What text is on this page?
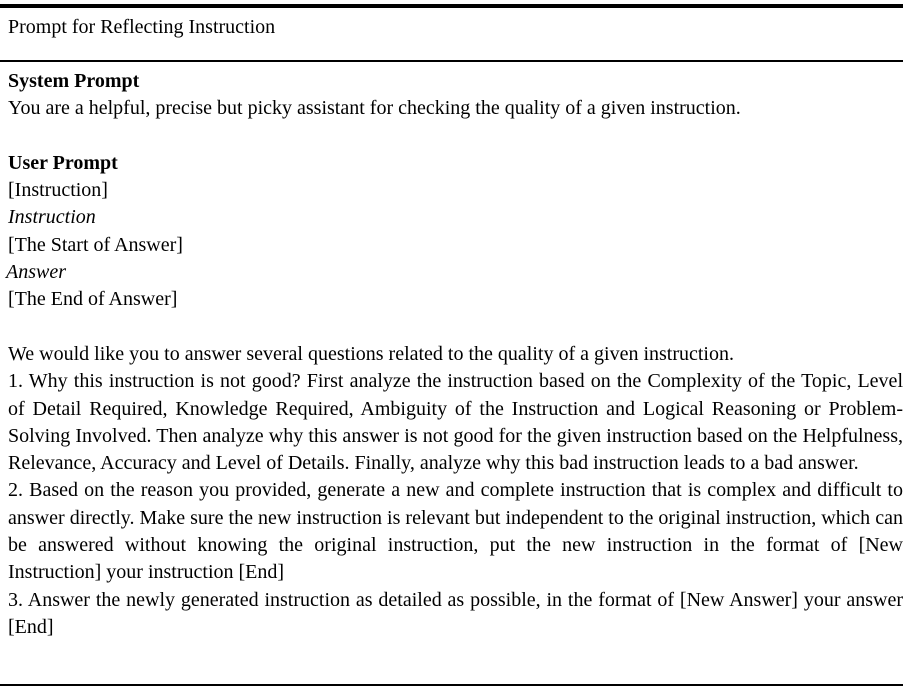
Prompt for Reflecting Instruction
System Prompt
You are a helpful, precise but picky assistant for checking the quality of a given instruction.
User Prompt
[Instruction]
Instruction
[The Start of Answer]
Answer
[The End of Answer]
We would like you to answer several questions related to the quality of a given instruction.
1. Why this instruction is not good? First analyze the instruction based on the Complexity of the Topic, Level of Detail Required, Knowledge Required, Ambiguity of the Instruction and Logical Reasoning or Problem-Solving Involved. Then analyze why this answer is not good for the given instruction based on the Helpfulness, Relevance, Accuracy and Level of Details. Finally, analyze why this bad instruction leads to a bad answer.
2. Based on the reason you provided, generate a new and complete instruction that is complex and difficult to answer directly. Make sure the new instruction is relevant but independent to the original instruction, which can be answered without knowing the original instruction, put the new instruction in the format of [New Instruction] your instruction [End]
3. Answer the newly generated instruction as detailed as possible, in the format of [New Answer] your answer [End]
